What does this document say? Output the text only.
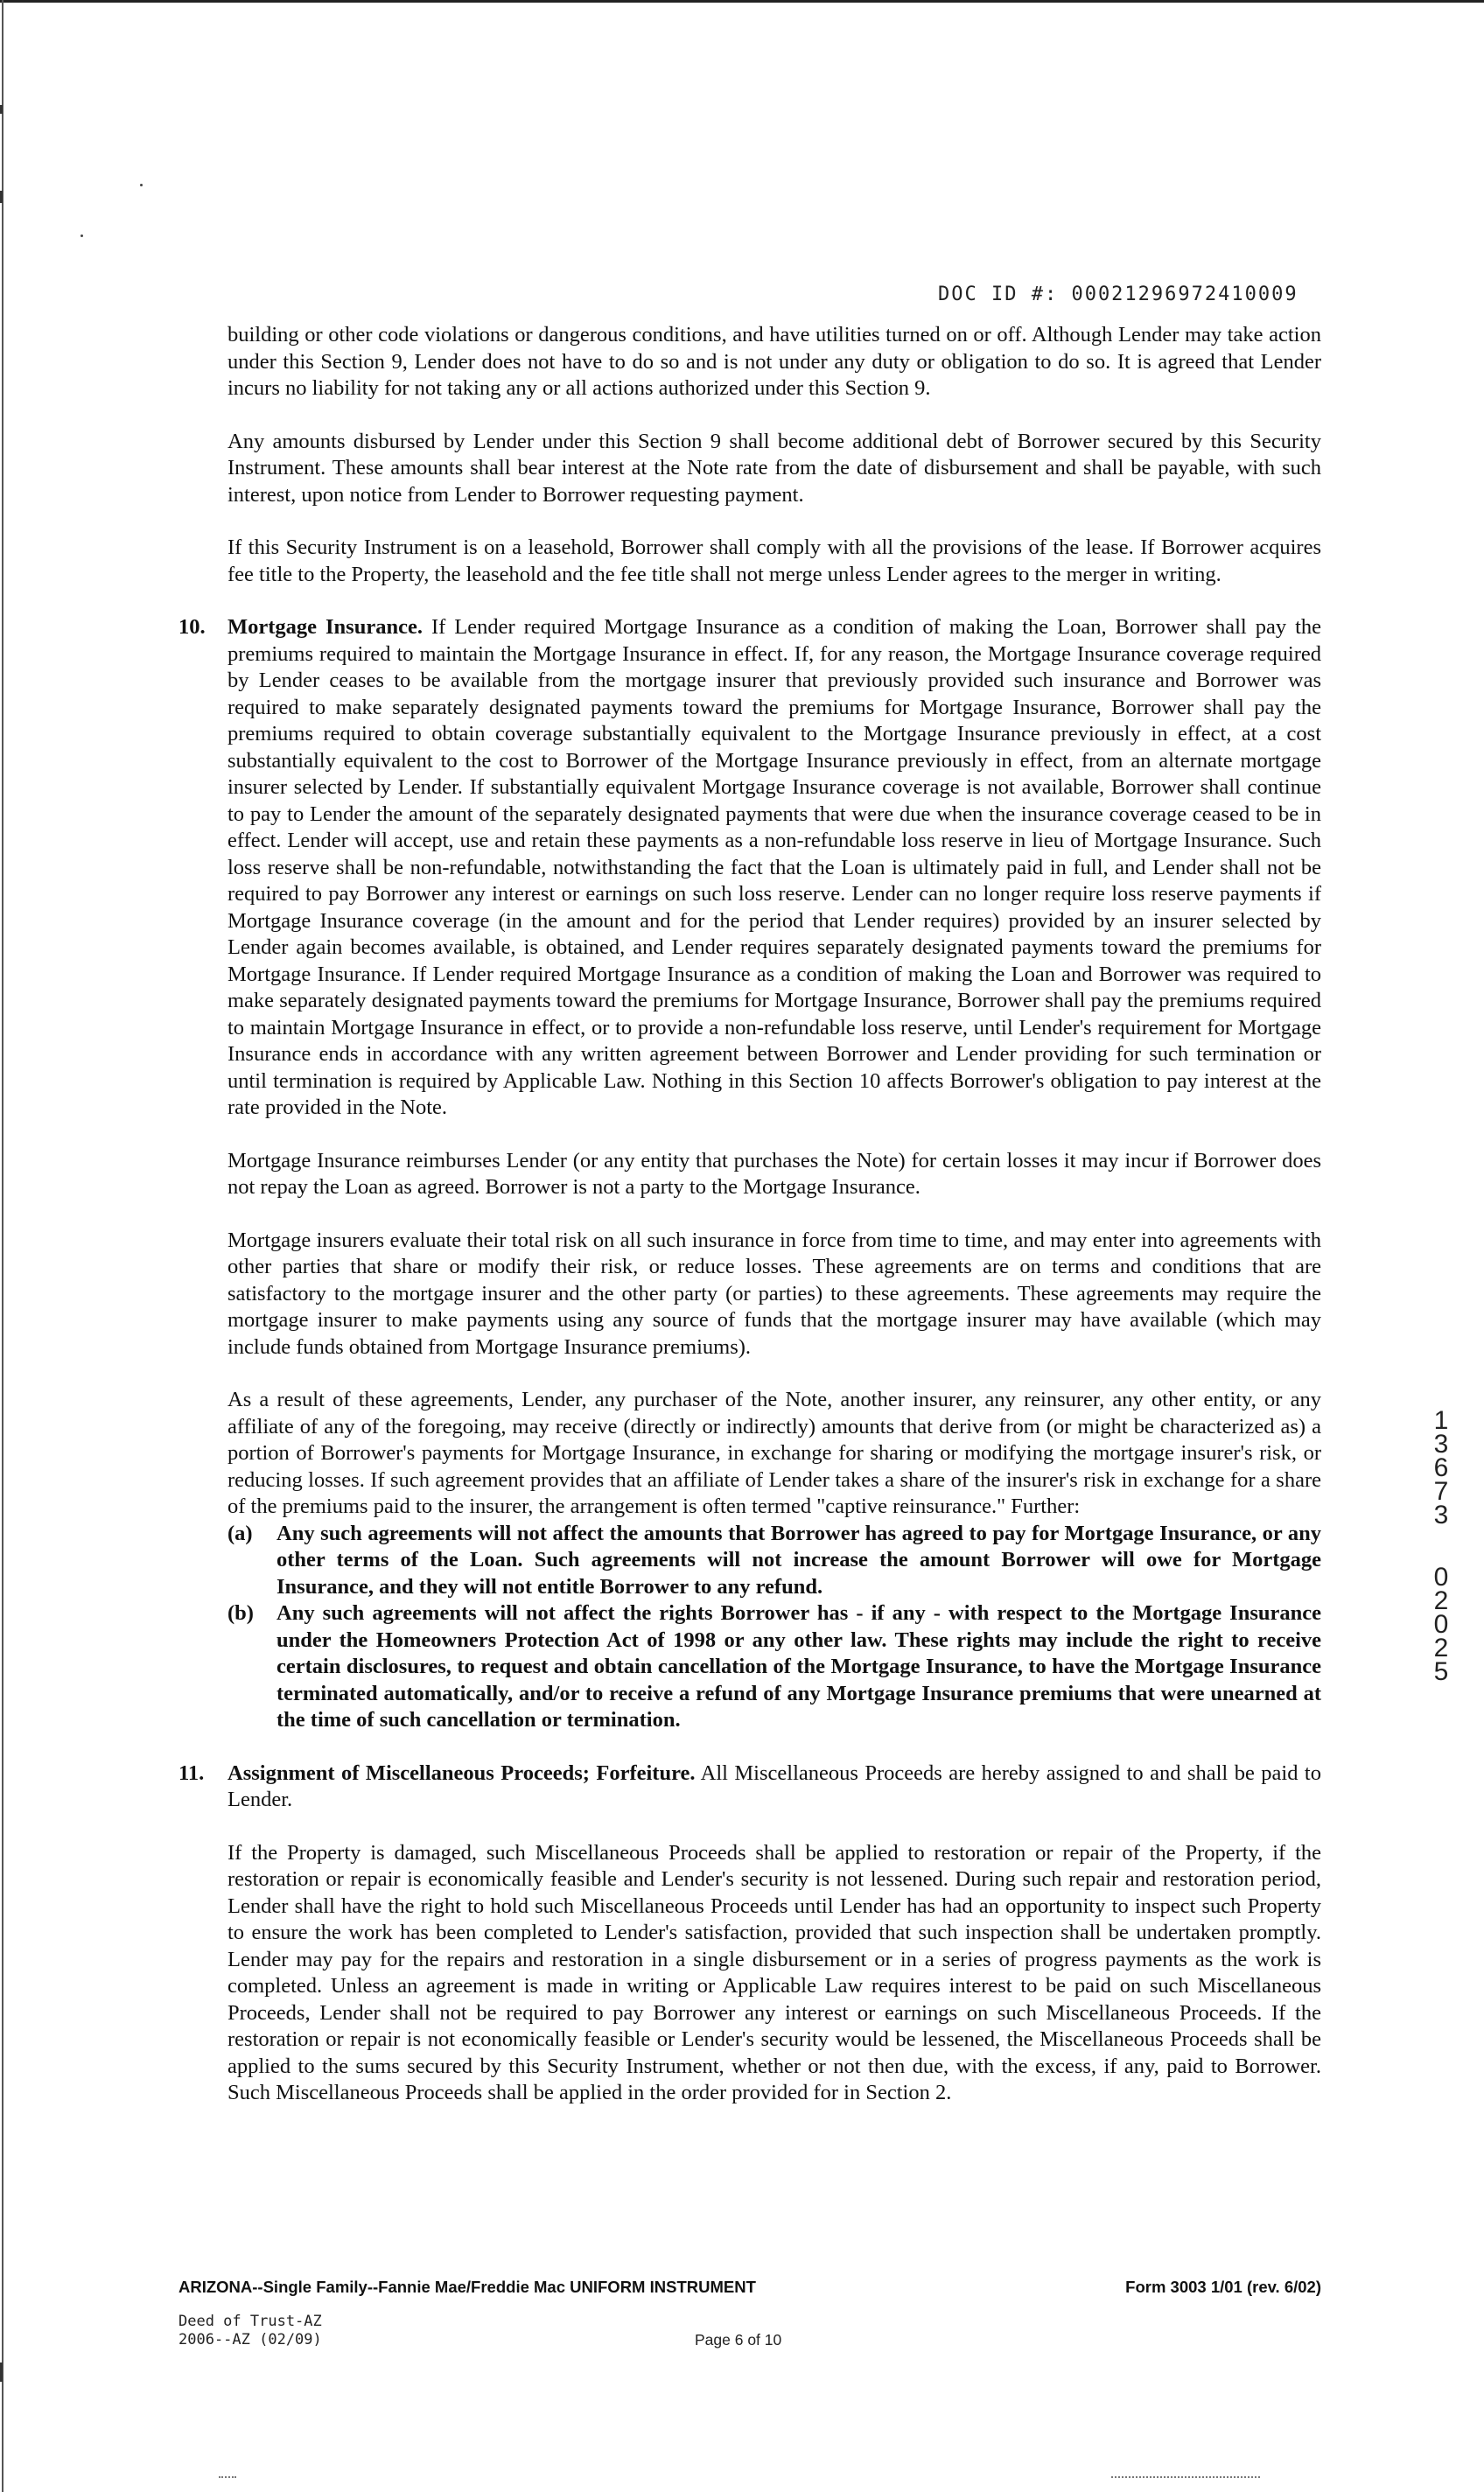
DOC ID #: 00021296972410009

building or other code violations or dangerous conditions, and have utilities turned on or off. Although Lender may take action under this Section 9, Lender does not have to do so and is not under any duty or obligation to do so. It is agreed that Lender incurs no liability for not taking any or all actions authorized under this Section 9.

Any amounts disbursed by Lender under this Section 9 shall become additional debt of Borrower secured by this Security Instrument. These amounts shall bear interest at the Note rate from the date of disbursement and shall be payable, with such interest, upon notice from Lender to Borrower requesting payment.

If this Security Instrument is on a leasehold, Borrower shall comply with all the provisions of the lease. If Borrower acquires fee title to the Property, the leasehold and the fee title shall not merge unless Lender agrees to the merger in writing.

10. Mortgage Insurance. If Lender required Mortgage Insurance as a condition of making the Loan, Borrower shall pay the premiums required to maintain the Mortgage Insurance in effect. If, for any reason, the Mortgage Insurance coverage required by Lender ceases to be available from the mortgage insurer that previously provided such insurance and Borrower was required to make separately designated payments toward the premiums for Mortgage Insurance, Borrower shall pay the premiums required to obtain coverage substantially equivalent to the Mortgage Insurance previously in effect, at a cost substantially equivalent to the cost to Borrower of the Mortgage Insurance previously in effect, from an alternate mortgage insurer selected by Lender. If substantially equivalent Mortgage Insurance coverage is not available, Borrower shall continue to pay to Lender the amount of the separately designated payments that were due when the insurance coverage ceased to be in effect. Lender will accept, use and retain these payments as a non-refundable loss reserve in lieu of Mortgage Insurance. Such loss reserve shall be non-refundable, notwithstanding the fact that the Loan is ultimately paid in full, and Lender shall not be required to pay Borrower any interest or earnings on such loss reserve. Lender can no longer require loss reserve payments if Mortgage Insurance coverage (in the amount and for the period that Lender requires) provided by an insurer selected by Lender again becomes available, is obtained, and Lender requires separately designated payments toward the premiums for Mortgage Insurance. If Lender required Mortgage Insurance as a condition of making the Loan and Borrower was required to make separately designated payments toward the premiums for Mortgage Insurance, Borrower shall pay the premiums required to maintain Mortgage Insurance in effect, or to provide a non-refundable loss reserve, until Lender's requirement for Mortgage Insurance ends in accordance with any written agreement between Borrower and Lender providing for such termination or until termination is required by Applicable Law. Nothing in this Section 10 affects Borrower's obligation to pay interest at the rate provided in the Note.

Mortgage Insurance reimburses Lender (or any entity that purchases the Note) for certain losses it may incur if Borrower does not repay the Loan as agreed. Borrower is not a party to the Mortgage Insurance.

Mortgage insurers evaluate their total risk on all such insurance in force from time to time, and may enter into agreements with other parties that share or modify their risk, or reduce losses. These agreements are on terms and conditions that are satisfactory to the mortgage insurer and the other party (or parties) to these agreements. These agreements may require the mortgage insurer to make payments using any source of funds that the mortgage insurer may have available (which may include funds obtained from Mortgage Insurance premiums).

As a result of these agreements, Lender, any purchaser of the Note, another insurer, any reinsurer, any other entity, or any affiliate of any of the foregoing, may receive (directly or indirectly) amounts that derive from (or might be characterized as) a portion of Borrower's payments for Mortgage Insurance, in exchange for sharing or modifying the mortgage insurer's risk, or reducing losses. If such agreement provides that an affiliate of Lender takes a share of the insurer's risk in exchange for a share of the premiums paid to the insurer, the arrangement is often termed "captive reinsurance." Further:

(a) Any such agreements will not affect the amounts that Borrower has agreed to pay for Mortgage Insurance, or any other terms of the Loan. Such agreements will not increase the amount Borrower will owe for Mortgage Insurance, and they will not entitle Borrower to any refund.
(b) Any such agreements will not affect the rights Borrower has - if any - with respect to the Mortgage Insurance under the Homeowners Protection Act of 1998 or any other law. These rights may include the right to receive certain disclosures, to request and obtain cancellation of the Mortgage Insurance, to have the Mortgage Insurance terminated automatically, and/or to receive a refund of any Mortgage Insurance premiums that were unearned at the time of such cancellation or termination.
11. Assignment of Miscellaneous Proceeds; Forfeiture. All Miscellaneous Proceeds are hereby assigned to and shall be paid to Lender.

If the Property is damaged, such Miscellaneous Proceeds shall be applied to restoration or repair of the Property, if the restoration or repair is economically feasible and Lender's security is not lessened. During such repair and restoration period, Lender shall have the right to hold such Miscellaneous Proceeds until Lender has had an opportunity to inspect such Property to ensure the work has been completed to Lender's satisfaction, provided that such inspection shall be undertaken promptly. Lender may pay for the repairs and restoration in a single disbursement or in a series of progress payments as the work is completed. Unless an agreement is made in writing or Applicable Law requires interest to be paid on such Miscellaneous Proceeds, Lender shall not be required to pay Borrower any interest or earnings on such Miscellaneous Proceeds. If the restoration or repair is not economically feasible or Lender's security would be lessened, the Miscellaneous Proceeds shall be applied to the sums secured by this Security Instrument, whether or not then due, with the excess, if any, paid to Borrower. Such Miscellaneous Proceeds shall be applied in the order provided for in Section 2.

1
3
6
7
3
0
2
0
2
5
ARIZONA--Single Family--Fannie Mae/Freddie Mac UNIFORM INSTRUMENT	Form 3003 1/01 (rev. 6/02)
Deed of Trust-AZ
2006--AZ (02/09)	Page 6 of 10
